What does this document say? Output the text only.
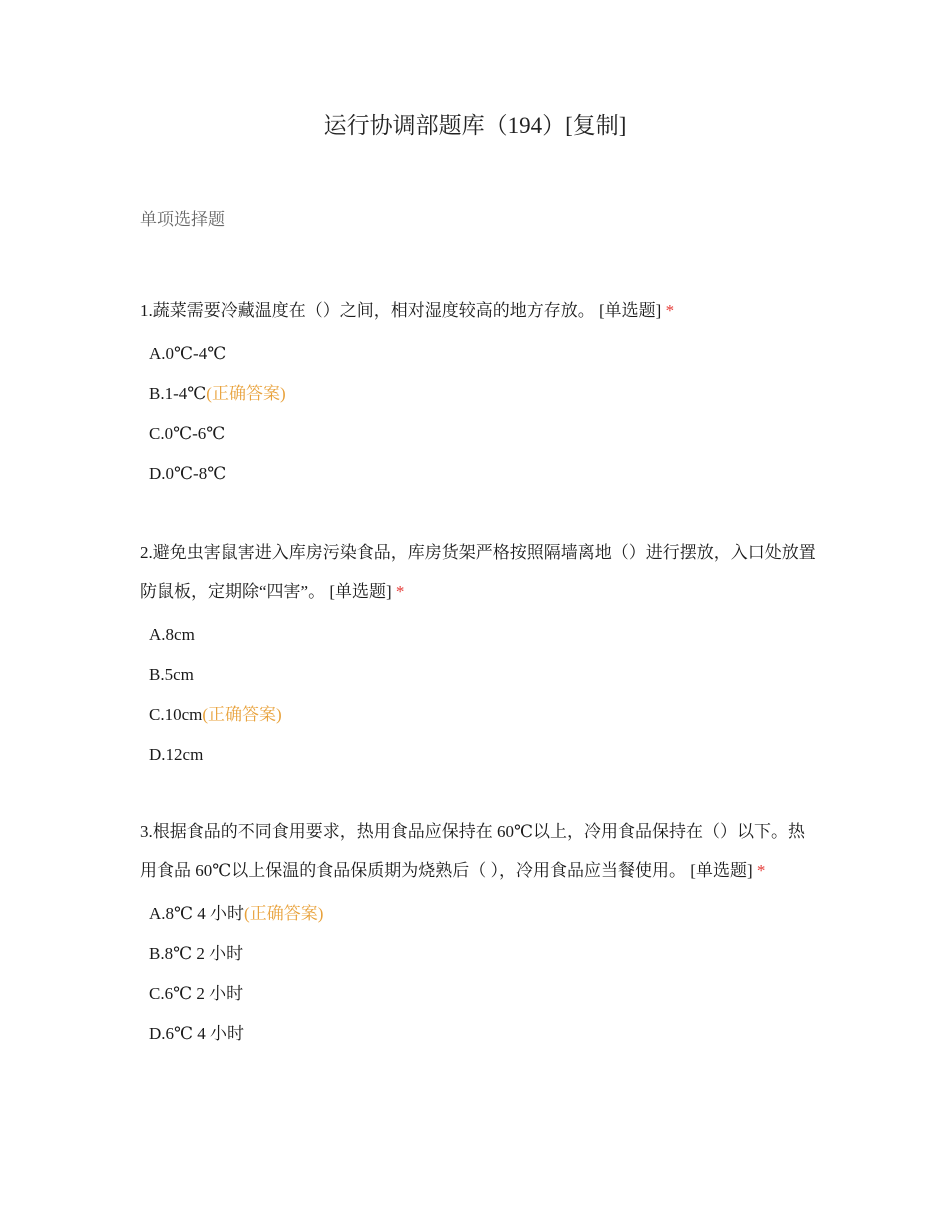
运行协调部题库（194）[复制]
单项选择题

1.蔬菜需要冷藏温度在（）之间，相对湿度较高的地方存放。 [单选题] *

A.0℃-4℃
B.1-4℃(正确答案)
C.0℃-6℃
D.0℃-8℃

2.避免虫害鼠害进入库房污染食品，库房货架严格按照隔墙离地（）进行摆放，入口处放置防鼠板，定期除“四害”。 [单选题] *

A.8cm
B.5cm
C.10cm(正确答案)
D.12cm

3.根据食品的不同食用要求，热用食品应保持在 60℃以上，冷用食品保持在（）以下。热用食品 60℃以上保温的食品保质期为烧熟后（ ），冷用食品应当餐使用。 [单选题] *

A.8℃ 4 小时(正确答案)
B.8℃ 2 小时
C.6℃ 2 小时
D.6℃ 4 小时
